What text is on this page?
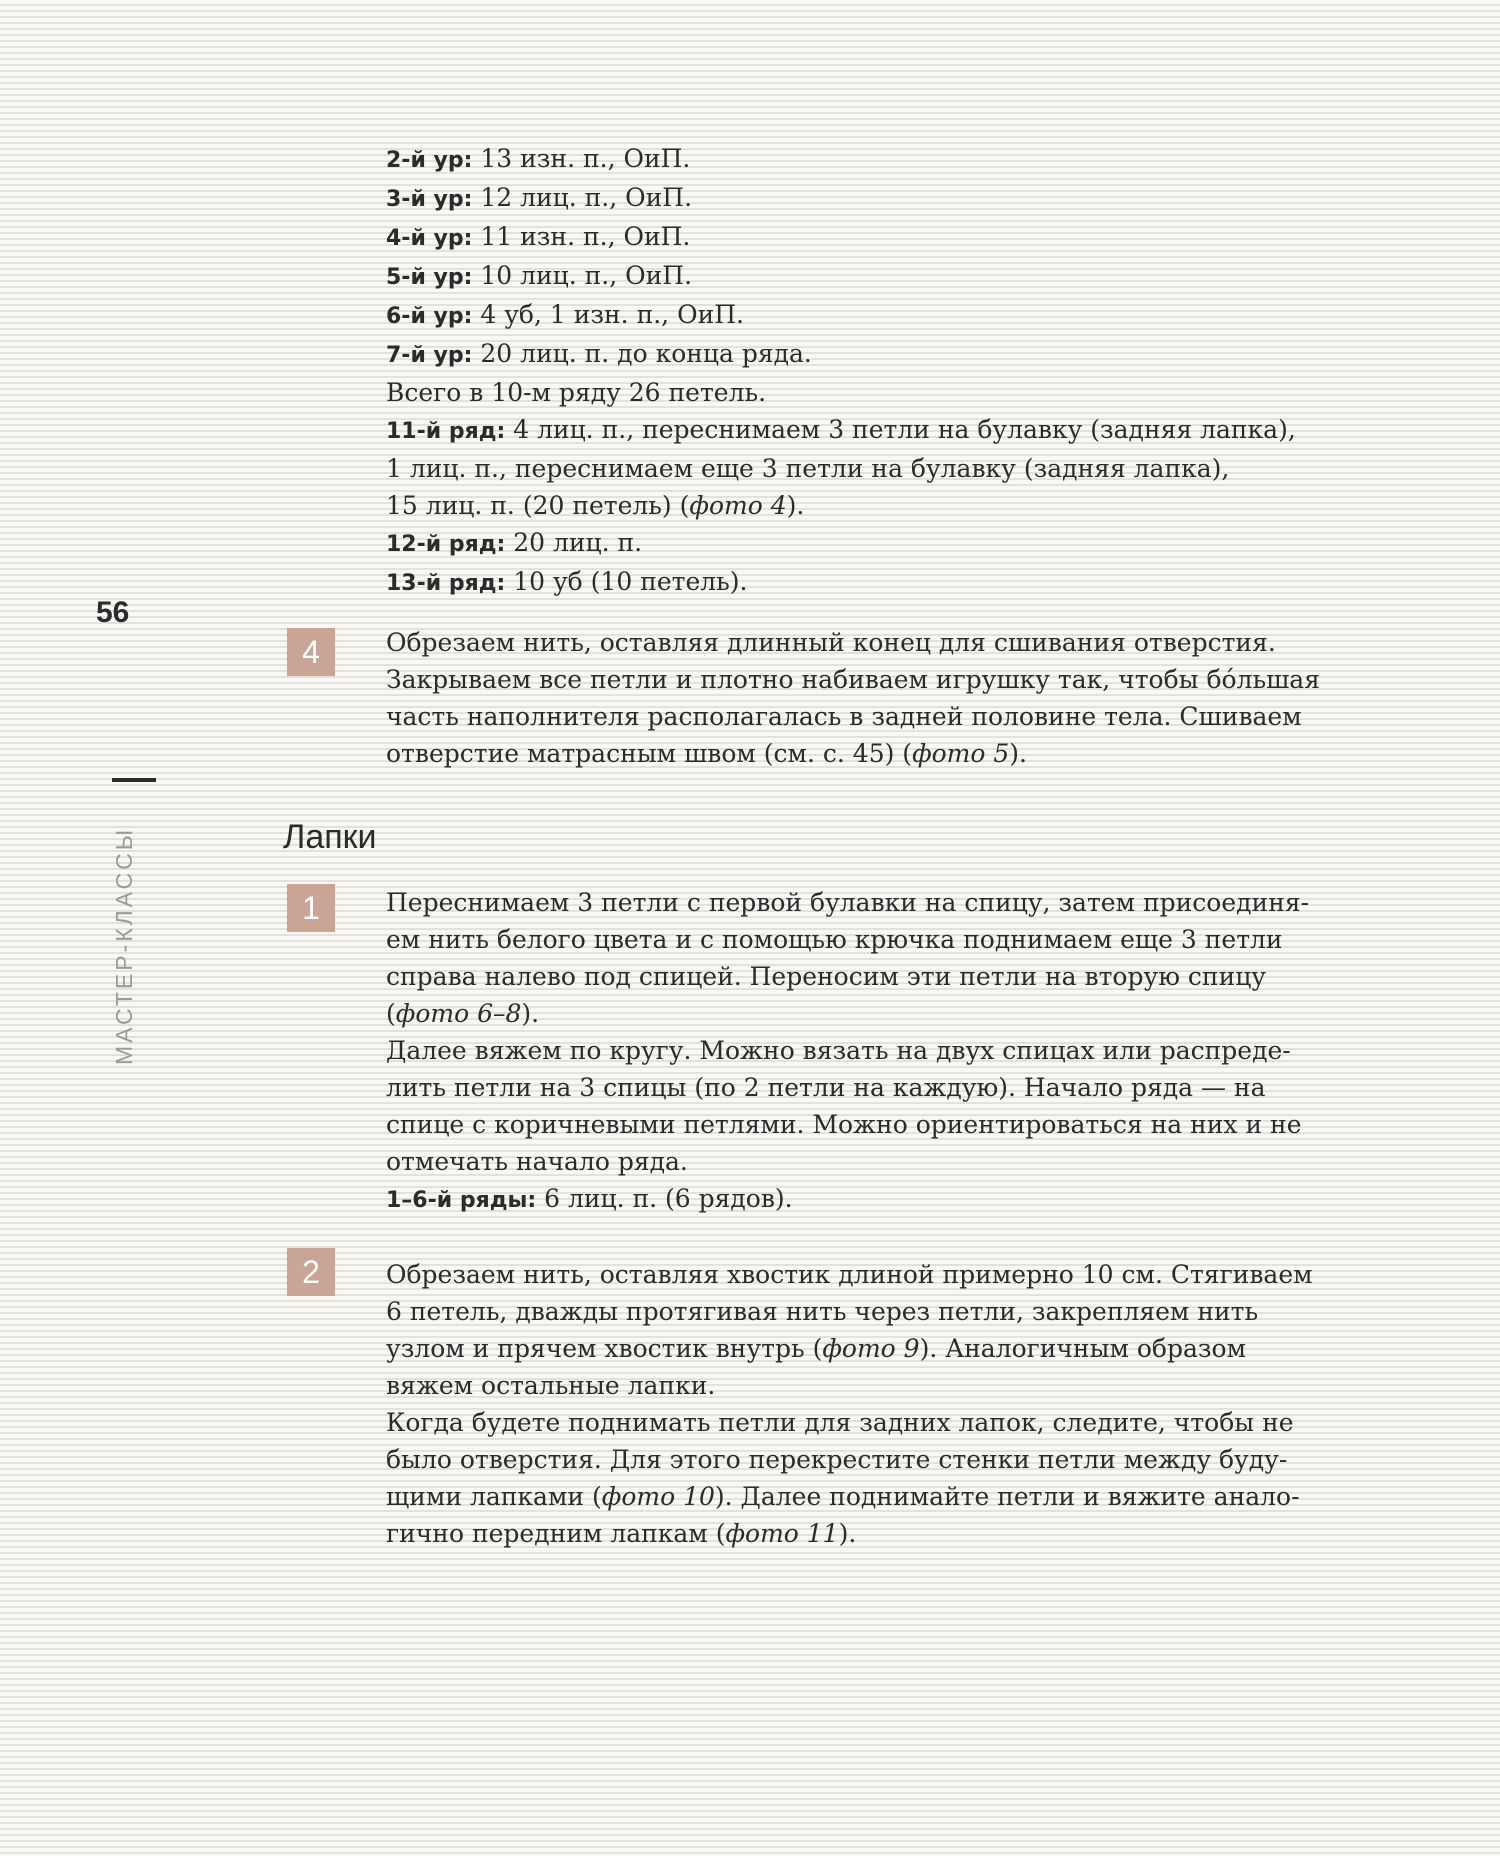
56
МАСТЕР-КЛАССЫ
2-й ур: 13 изн. п., ОиП.
3-й ур: 12 лиц. п., ОиП.
4-й ур: 11 изн. п., ОиП.
5-й ур: 10 лиц. п., ОиП.
6-й ур: 4 уб, 1 изн. п., ОиП.
7-й ур: 20 лиц. п. до конца ряда.
Всего в 10-м ряду 26 петель.
11-й ряд: 4 лиц. п., переснимаем 3 петли на булавку (задняя лапка),
1 лиц. п., переснимаем еще 3 петли на булавку (задняя лапка),
15 лиц. п. (20 петель) (фото 4).
12-й ряд: 20 лиц. п.
13-й ряд: 10 уб (10 петель).
4	Обрезаем нить, оставляя длинный конец для сшивания отверстия.
Закрываем все петли и плотно набиваем игрушку так, чтобы бóльшая
часть наполнителя располагалась в задней половине тела. Сшиваем
отверстие матрасным швом (см. с. 45) (фото 5).
Лапки
1	Переснимаем 3 петли с первой булавки на спицу, затем присоединя-
ем нить белого цвета и с помощью крючка поднимаем еще 3 петли
справа налево под спицей. Переносим эти петли на вторую спицу
(фото 6–8).
Далее вяжем по кругу. Можно вязать на двух спицах или распреде-
лить петли на 3 спицы (по 2 петли на каждую). Начало ряда — на
спице с коричневыми петлями. Можно ориентироваться на них и не
отмечать начало ряда.
1–6-й ряды: 6 лиц. п. (6 рядов).
2	Обрезаем нить, оставляя хвостик длиной примерно 10 см. Стягиваем
6 петель, дважды протягивая нить через петли, закрепляем нить
узлом и прячем хвостик внутрь (фото 9). Аналогичным образом
вяжем остальные лапки.
Когда будете поднимать петли для задних лапок, следите, чтобы не
было отверстия. Для этого перекрестите стенки петли между буду-
щими лапками (фото 10). Далее поднимайте петли и вяжите анало-
гично передним лапкам (фото 11).
